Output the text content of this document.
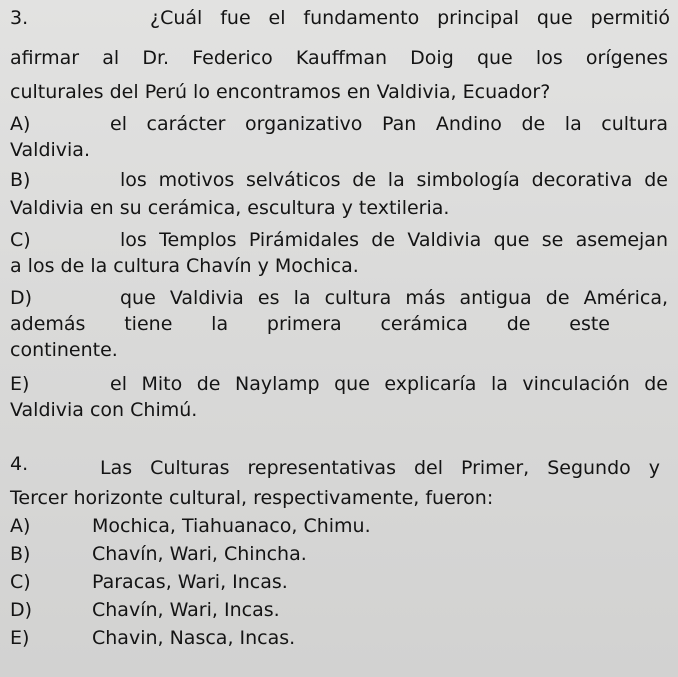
3.	¿Cuál fue el fundamento principal que permitió
afirmar al Dr. Federico Kauffman Doig que los orígenes
culturales del Perú lo encontramos en Valdivia, Ecuador?
A)	el carácter organizativo Pan Andino de la cultura
Valdivia.
B)	los motivos selváticos de la simbología decorativa de
Valdivia en su cerámica, escultura y textileria.
C)	los Templos Pirámidales de Valdivia que se asemejan
a los de la cultura Chavín y Mochica.
D)	que Valdivia es la cultura más antigua de América,
además tiene la primera cerámica de este
continente.
E)	el Mito de Naylamp que explicaría la vinculación de
Valdivia con Chimú.
4.	Las Culturas representativas del Primer, Segundo y
Tercer horizonte cultural, respectivamente, fueron:
A)	Mochica, Tiahuanaco, Chimu.
B)	Chavín, Wari, Chincha.
C)	Paracas, Wari, Incas.
D)	Chavín, Wari, Incas.
E)	Chavin, Nasca, Incas.
